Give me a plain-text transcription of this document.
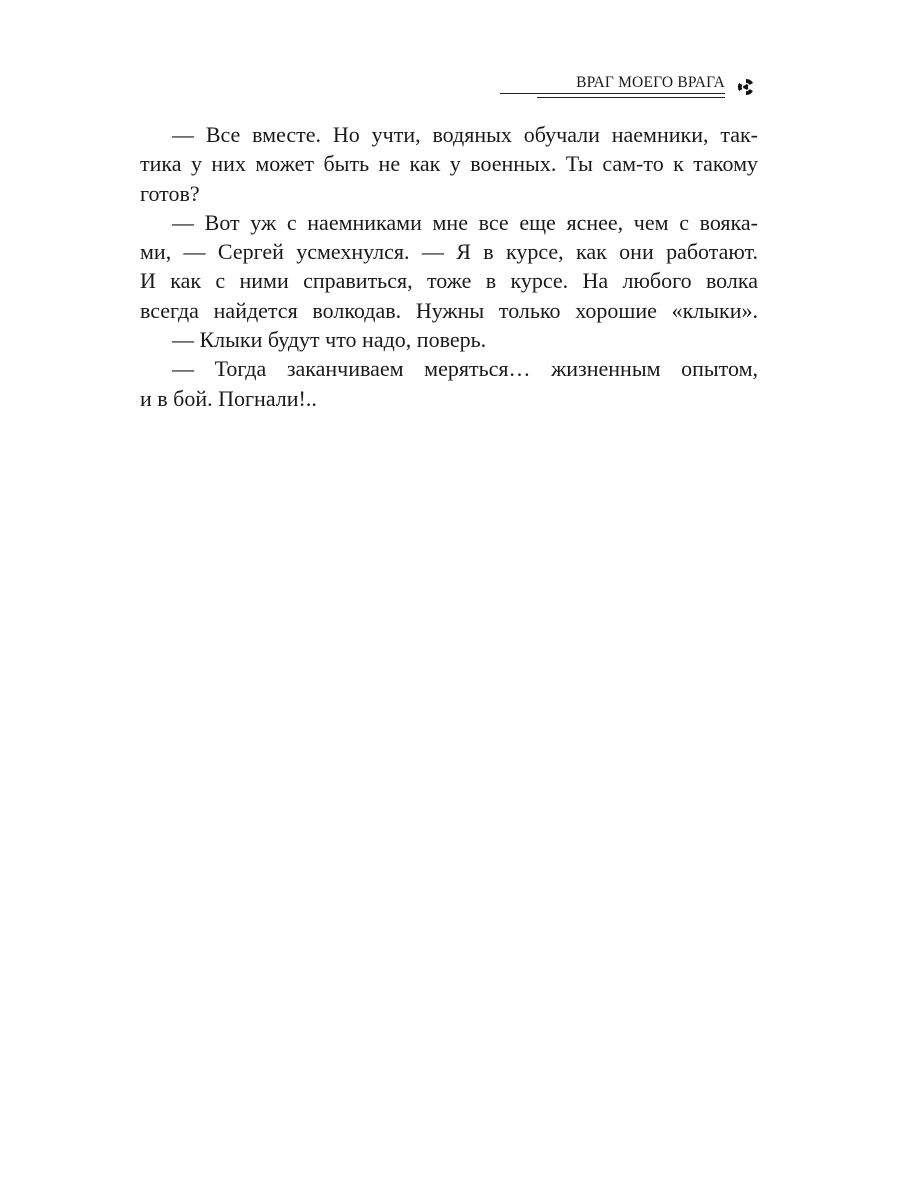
ВРАГ МОЕГО ВРАГА
— Все вместе. Но учти, водяных обучали наемники, так-
тика у них может быть не как у военных. Ты сам-то к такому
готов?
— Вот уж с наемниками мне все еще яснее, чем с вояка-
ми, — Сергей усмехнулся. — Я в курсе, как они работают.
И как с ними справиться, тоже в курсе. На любого волка
всегда найдется волкодав. Нужны только хорошие «клыки».
— Клыки будут что надо, поверь.
— Тогда заканчиваем меряться… жизненным опытом,
и в бой. Погнали!..
